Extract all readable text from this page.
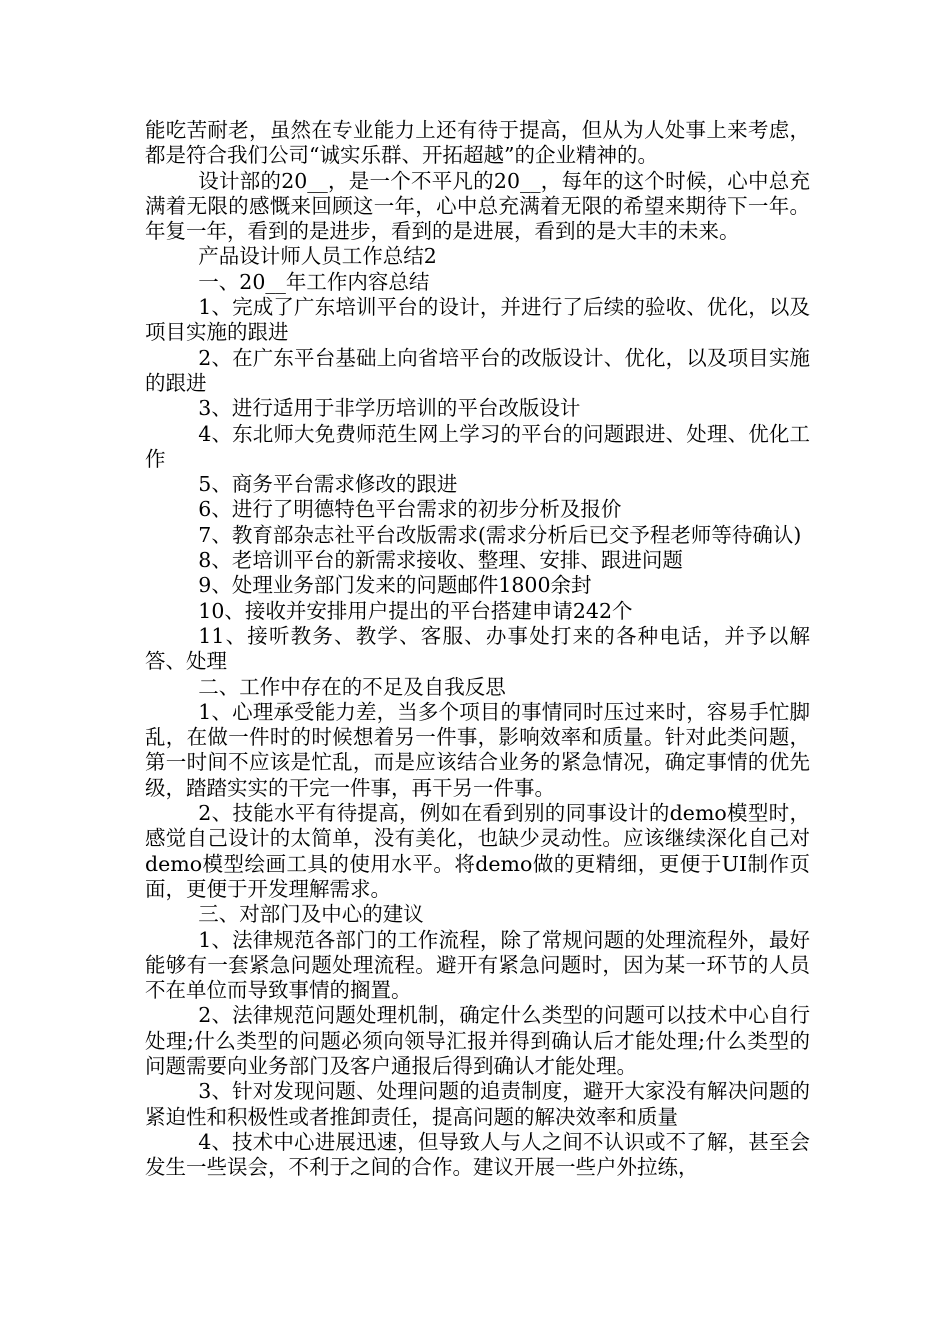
能吃苦耐老，虽然在专业能力上还有待于提高，但从为人处事上来考虑，都是符合我们公司“诚实乐群、开拓超越”的企业精神的。

设计部的20__，是一个不平凡的20__，每年的这个时候，心中总充满着无限的感慨来回顾这一年，心中总充满着无限的希望来期待下一年。年复一年，看到的是进步，看到的是进展，看到的是大丰的未来。

产品设计师人员工作总结2

一、20__年工作内容总结

1、完成了广东培训平台的设计，并进行了后续的验收、优化，以及项目实施的跟进

2、在广东平台基础上向省培平台的改版设计、优化，以及项目实施的跟进

3、进行适用于非学历培训的平台改版设计

4、东北师大免费师范生网上学习的平台的问题跟进、处理、优化工作

5、商务平台需求修改的跟进

6、进行了明德特色平台需求的初步分析及报价

7、教育部杂志社平台改版需求(需求分析后已交予程老师等待确认)

8、老培训平台的新需求接收、整理、安排、跟进问题

9、处理业务部门发来的问题邮件1800余封

10、接收并安排用户提出的平台搭建申请242个

11、接听教务、教学、客服、办事处打来的各种电话，并予以解答、处理

二、工作中存在的不足及自我反思

1、心理承受能力差，当多个项目的事情同时压过来时，容易手忙脚乱，在做一件时的时候想着另一件事，影响效率和质量。针对此类问题，第一时间不应该是忙乱，而是应该结合业务的紧急情况，确定事情的优先级，踏踏实实的干完一件事，再干另一件事。

2、技能水平有待提高，例如在看到别的同事设计的demo模型时，感觉自己设计的太简单，没有美化，也缺少灵动性。应该继续深化自己对demo模型绘画工具的使用水平。将demo做的更精细，更便于UI制作页面，更便于开发理解需求。

三、对部门及中心的建议

1、法律规范各部门的工作流程，除了常规问题的处理流程外，最好能够有一套紧急问题处理流程。避开有紧急问题时，因为某一环节的人员不在单位而导致事情的搁置。

2、法律规范问题处理机制，确定什么类型的问题可以技术中心自行处理;什么类型的问题必须向领导汇报并得到确认后才能处理;什么类型的问题需要向业务部门及客户通报后得到确认才能处理。

3、针对发现问题、处理问题的追责制度，避开大家没有解决问题的紧迫性和积极性或者推卸责任，提高问题的解决效率和质量

4、技术中心进展迅速，但导致人与人之间不认识或不了解，甚至会发生一些误会，不利于之间的合作。建议开展一些户外拉练，
